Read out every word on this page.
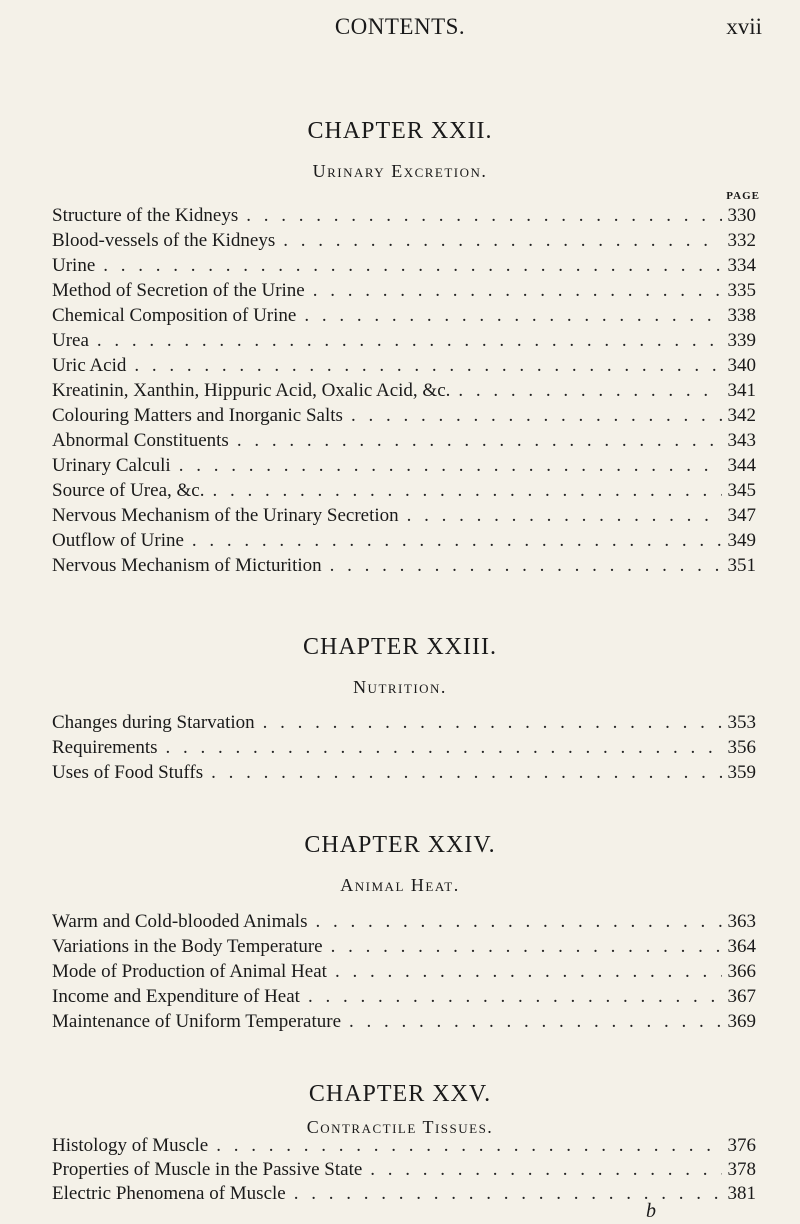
CONTENTS.	xvii
CHAPTER XXII.
Urinary Excretion.
PAGE
Structure of the Kidneys . . .	330
Blood-vessels of the Kidneys . . .	332
Urine . . .	334
Method of Secretion of the Urine . . .	335
Chemical Composition of Urine . . .	338
Urea . . .	339
Uric Acid . . .	340
Kreatinin, Xanthin, Hippuric Acid, Oxalic Acid, &c. . . .	341
Colouring Matters and Inorganic Salts . . .	342
Abnormal Constituents . . .	343
Urinary Calculi . . .	344
Source of Urea, &c. . . .	345
Nervous Mechanism of the Urinary Secretion . . .	347
Outflow of Urine . . .	349
Nervous Mechanism of Micturition . . .	351
CHAPTER XXIII.
Nutrition.
Changes during Starvation . . .	353
Requirements . . .	356
Uses of Food Stuffs . . .	359
CHAPTER XXIV.
Animal Heat.
Warm and Cold-blooded Animals . . .	363
Variations in the Body Temperature . . .	364
Mode of Production of Animal Heat . . .	366
Income and Expenditure of Heat . . .	367
Maintenance of Uniform Temperature . . .	369
CHAPTER XXV.
Contractile Tissues.
Histology of Muscle . . .	376
Properties of Muscle in the Passive State . . .	378
Electric Phenomena of Muscle . . .	381
b
